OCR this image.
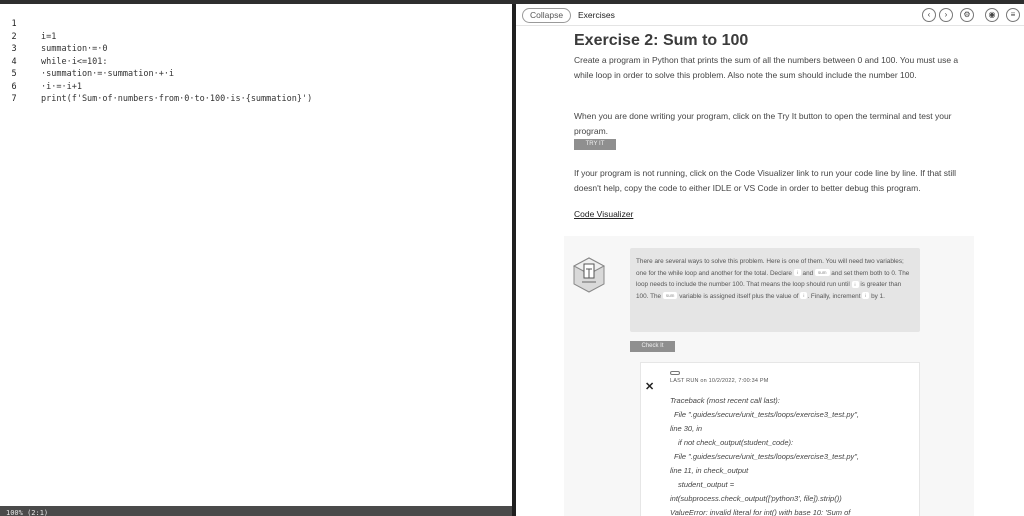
1

i=1

2

summation·=·0

3

while·i<=101:

4

·summation·=·summation·+·i

5

·i·=·i+1

6

print(f'Sum·of·numbers·from·0·to·100·is·{summation}')

7

100% (2:1)
Collapse	Exercises	‹	›	⚙	◉	≡
Exercise 2: Sum to 100
Create a program in Python that prints the sum of all the numbers between 0 and 100. You must use a while loop in order to solve this problem. Also note the sum should include the number 100.
When you are done writing your program, click on the Try It button to open the terminal and test your program.
TRY IT
If your program is not running, click on the Code Visualizer link to run your code line by line. If that still doesn't help, copy the code to either IDLE or VS Code in order to better debug this program.
Code Visualizer
There are several ways to solve this problem. Here is one of them. You will need two variables; one for the while loop and another for the total. Declare i and sum and set them both to 0. The loop needs to include the number 100. That means the loop should run until i is greater than 100. The sum variable is assigned itself plus the value of i . Finally, increment i by 1.
Check It
✕	LAST RUN on 10/2/2022, 7:00:34 PM
Traceback (most recent call last):
File ".guides/secure/unit_tests/loops/exercise3_test.py",
line 30, in
if not check_output(student_code):
File ".guides/secure/unit_tests/loops/exercise3_test.py",
line 11, in check_output
student_output =
int(subprocess.check_output(['python3', file]).strip())
ValueError: invalid literal for int() with base 10: 'Sum of
